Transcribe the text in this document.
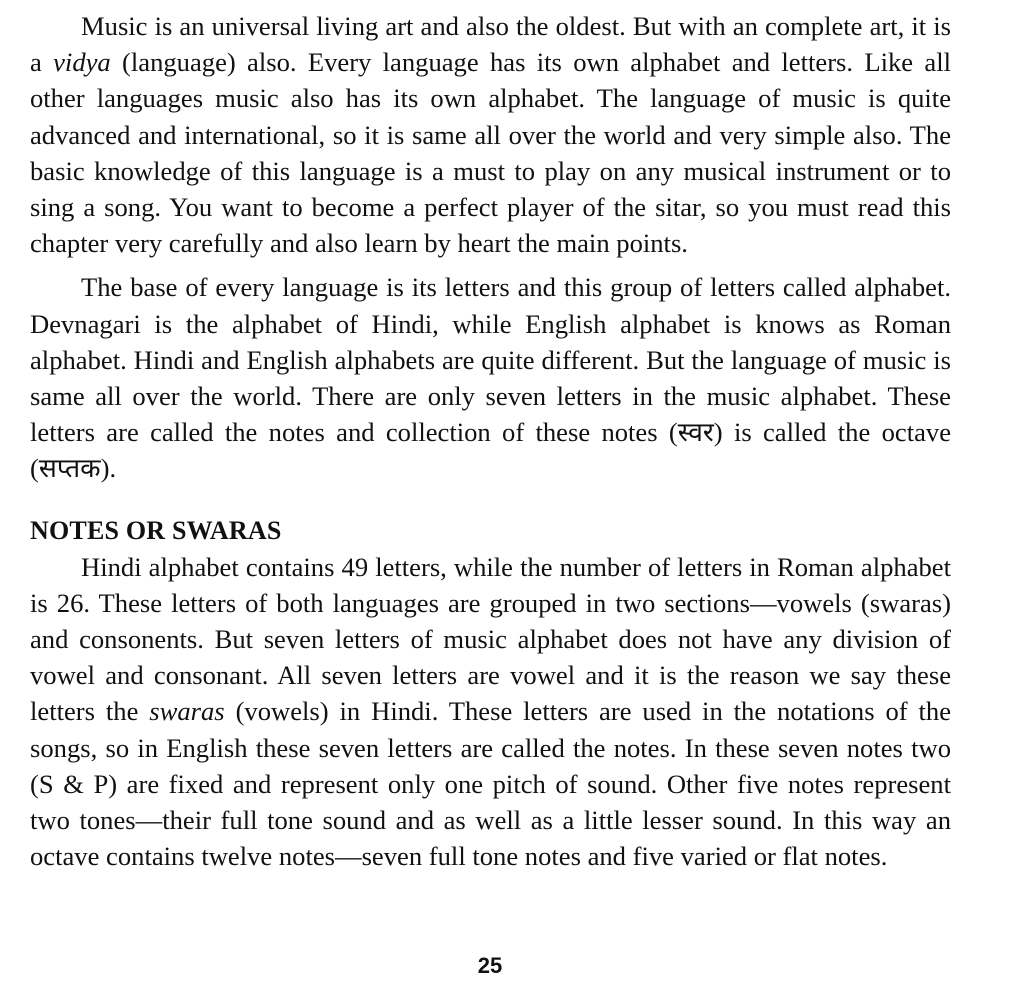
Music is an universal living art and also the oldest. But with an complete art, it is a vidya (language) also. Every language has its own alphabet and letters. Like all other languages music also has its own alphabet. The language of music is quite advanced and international, so it is same all over the world and very simple also. The basic knowledge of this language is a must to play on any musical instrument or to sing a song. You want to become a perfect player of the sitar, so you must read this chapter very carefully and also learn by heart the main points.

The base of every language is its letters and this group of letters called alphabet. Devnagari is the alphabet of Hindi, while English alphabet is knows as Roman alphabet. Hindi and English alphabets are quite different. But the language of music is same all over the world. There are only seven letters in the music alphabet. These letters are called the notes and collection of these notes (स्वर) is called the octave (सप्तक).

NOTES OR SWARAS

Hindi alphabet contains 49 letters, while the number of letters in Roman alphabet is 26. These letters of both languages are grouped in two sections—vowels (swaras) and consonents. But seven letters of music alphabet does not have any division of vowel and consonant. All seven letters are vowel and it is the reason we say these letters the swaras (vowels) in Hindi. These letters are used in the notations of the songs, so in English these seven letters are called the notes. In these seven notes two (S & P) are fixed and represent only one pitch of sound. Other five notes represent two tones—their full tone sound and as well as a little lesser sound. In this way an octave contains twelve notes—seven full tone notes and five varied or flat notes.

25
